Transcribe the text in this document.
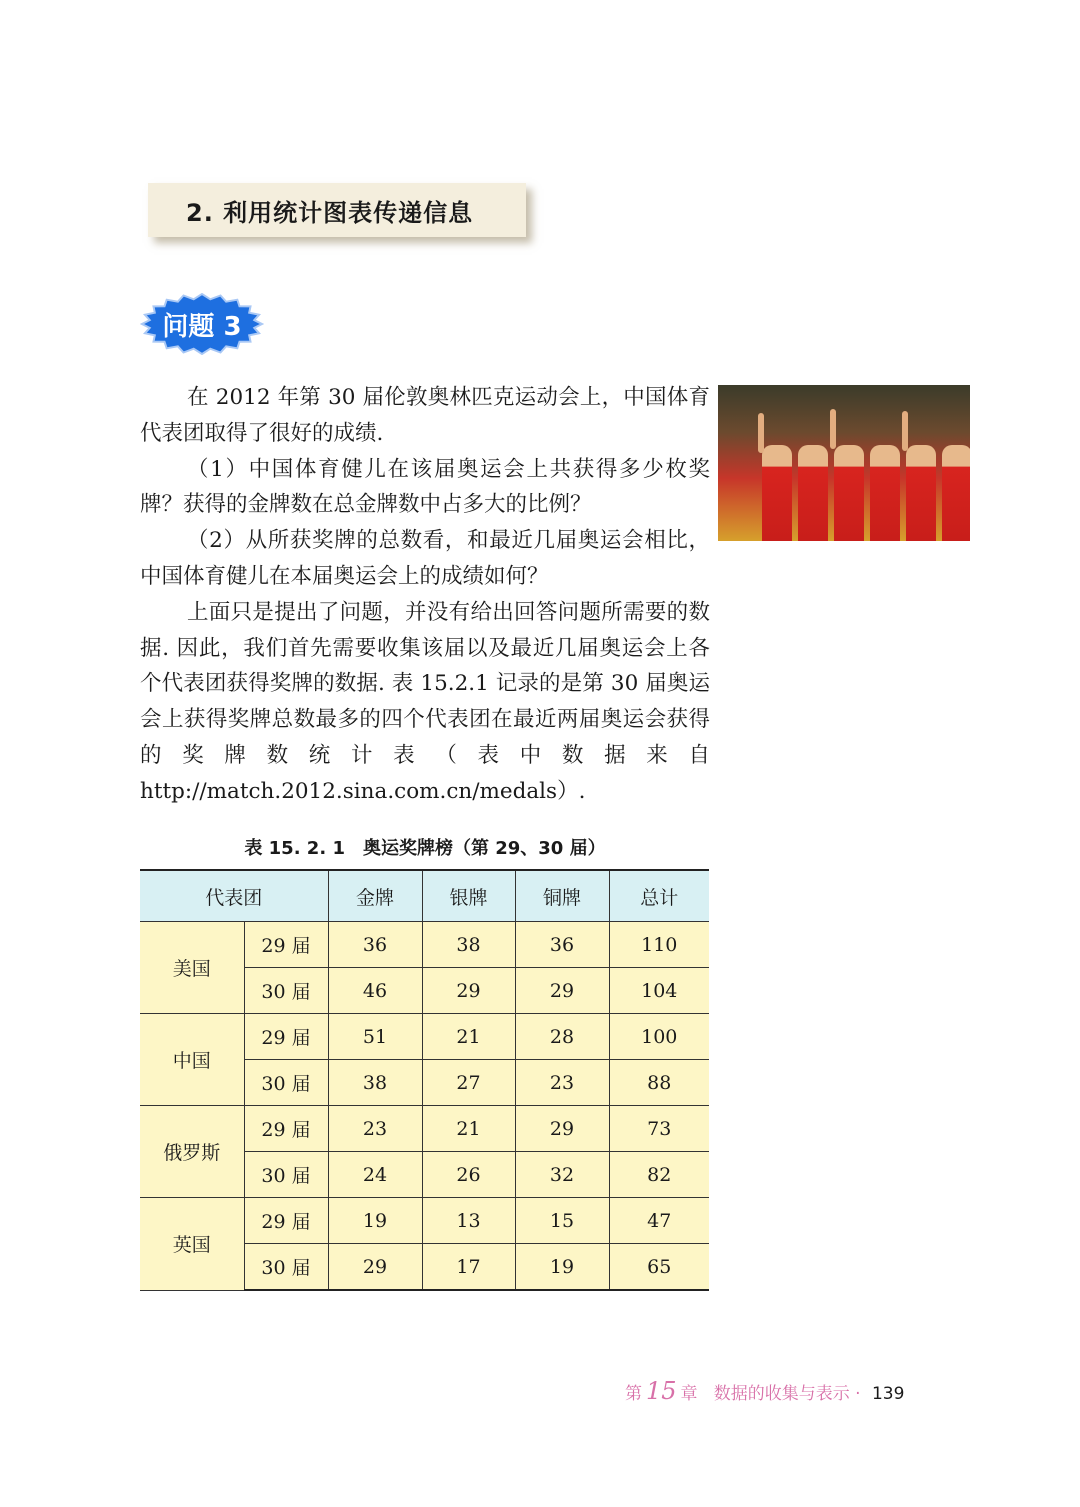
2. 利用统计图表传递信息
问题 3

在 2012 年第 30 届伦敦奥林匹克运动会上，中国体育代表团取得了很好的成绩.

（1）中国体育健儿在该届奥运会上共获得多少枚奖牌？获得的金牌数在总金牌数中占多大的比例？

（2）从所获奖牌的总数看，和最近几届奥运会相比，中国体育健儿在本届奥运会上的成绩如何？

上面只是提出了问题，并没有给出回答问题所需要的数据. 因此，我们首先需要收集该届以及最近几届奥运会上各个代表团获得奖牌的数据. 表 15.2.1 记录的是第 30 届奥运会上获得奖牌总数最多的四个代表团在最近两届奥运会获得的奖牌数统计表（表中数据来自 http://match.2012.sina.com.cn/medals）.

表 15. 2. 1　奥运奖牌榜（第 29、30 届）
代表团		金牌	银牌	铜牌	总计
美国	29 届	36	38	36	110
	30 届	46	29	29	104
中国	29 届	51	21	28	100
	30 届	38	27	23	88
俄罗斯	29 届	23	21	29	73
	30 届	24	26	32	82
英国	29 届	19	13	15	47
	30 届	29	17	19	65
第 15 章 数据的收集与表示 · 139
